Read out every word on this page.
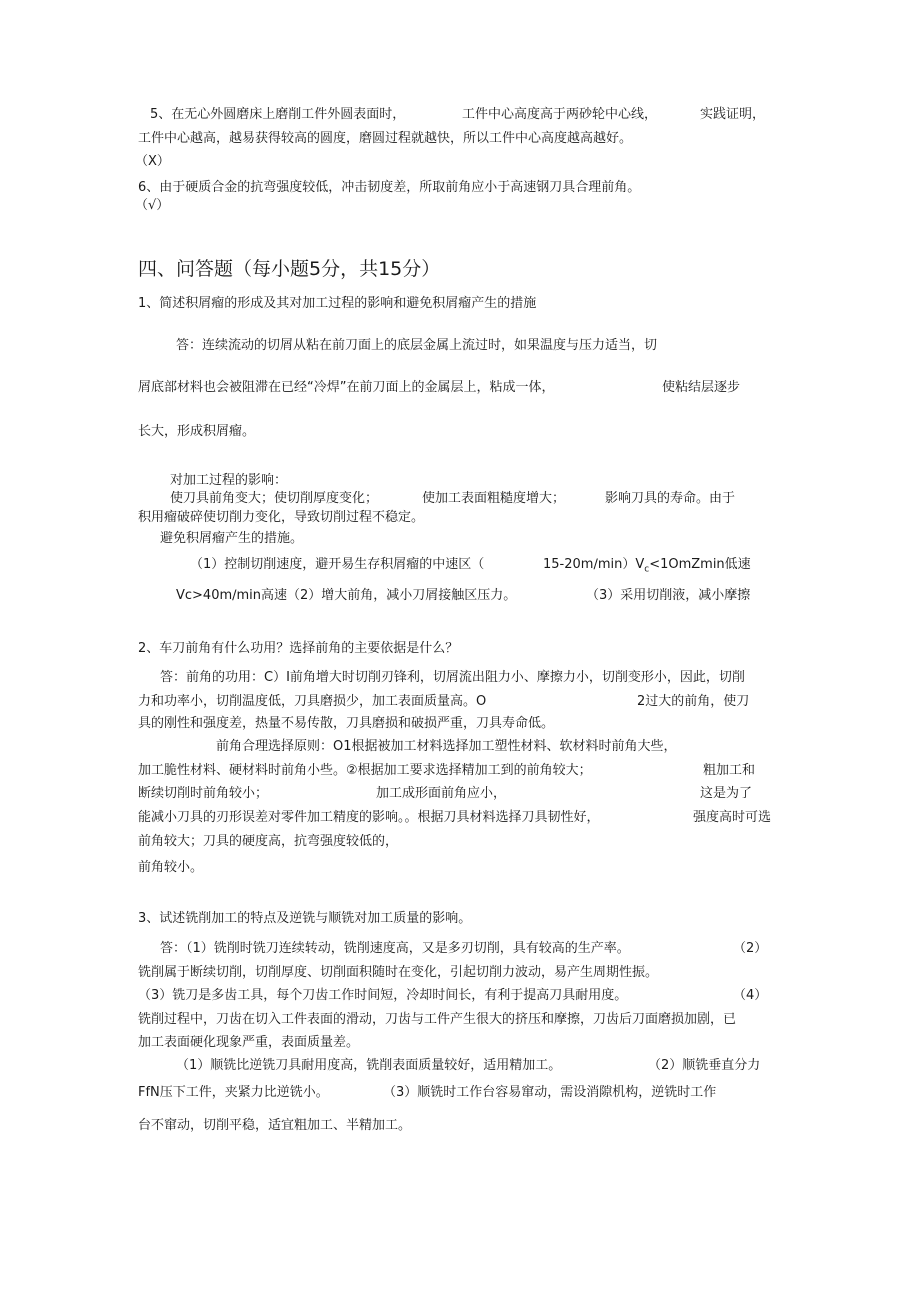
5、在无心外圆磨床上磨削工件外圆表面时，	工件中心高度高于两砂轮中心线，	实践证明，
工件中心越高，越易获得较高的圆度，磨圆过程就越快，所以工件中心高度越高越好。
（X）
6、由于硬质合金的抗弯强度较低，冲击韧度差，所取前角应小于高速钢刀具合理前角。
（√）
四、问答题（每小题5分，共15分）
1、简述积屑瘤的形成及其对加工过程的影响和避免积屑瘤产生的措施
答：连续流动的切屑从粘在前刀面上的底层金属上流过时，如果温度与压力适当，切
屑底部材料也会被阻滞在已经“冷焊”在前刀面上的金属层上，粘成一体，	使粘结层逐步
长大，形成积屑瘤。
对加工过程的影响：
使刀具前角变大；使切削厚度变化；	使加工表面粗糙度增大；	影响刀具的寿命。由于
积用瘤破碎使切削力变化，导致切削过程不稳定。
避免积屑瘤产生的措施。
（1）控制切削速度，避开易生存积屑瘤的中速区（	$15-20m∕\min)V_c<1OmZmin$低速
Vc>40m∕min高速（2）增大前角，减小刀屑接触区压力。	（3）采用切削液，减小摩擦
2、车刀前角有什么功用？选择前角的主要依据是什么？
答：前角的功用：C）I前角增大时切削刃锋利，切屑流出阻力小、摩擦力小，切削变形小，因此，切削
力和功率小，切削温度低，刀具磨损少，加工表面质量高。O	2过大的前角，使刀
具的刚性和强度差，热量不易传散，刀具磨损和破损严重，刀具寿命低。
前角合理选择原则：O1根据被加工材料选择加工塑性材料、软材料时前角大些，
加工脆性材料、硬材料时前角小些。②根据加工要求选择精加工到的前角较大；	粗加工和
断续切削时前角较小；	加工成形面前角应小，	这是为了
能减小刀具的刃形误差对零件加工精度的影响。。根据刀具材料选择刀具韧性好，	强度高时可选
前角较大；刀具的硬度高，抗弯强度较低的，
前角较小。
3、试述铣削加工的特点及逆铣与顺铣对加工质量的影响。
答：（1）铣削时铣刀连续转动，铣削速度高，又是多刃切削，具有较高的生产率。	（2）
铣削属于断续切削，切削厚度、切削面积随时在变化，引起切削力波动，易产生周期性振。
（3）铣刀是多齿工具，每个刀齿工作时间短，冷却时间长，有利于提高刀具耐用度。	（4）
铣削过程中，刀齿在切入工件表面的滑动，刀齿与工件产生很大的挤压和摩擦，刀齿后刀面磨损加剧，已
加工表面硬化现象严重，表面质量差。
（1）顺铣比逆铣刀具耐用度高，铣削表面质量较好，适用精加工。	（2）顺铣垂直分力
FfN压下工件，夹紧力比逆铣小。	（3）顺铣时工作台容易窜动，需设消隙机构，逆铣时工作
台不窜动，切削平稳，适宜粗加工、半精加工。
